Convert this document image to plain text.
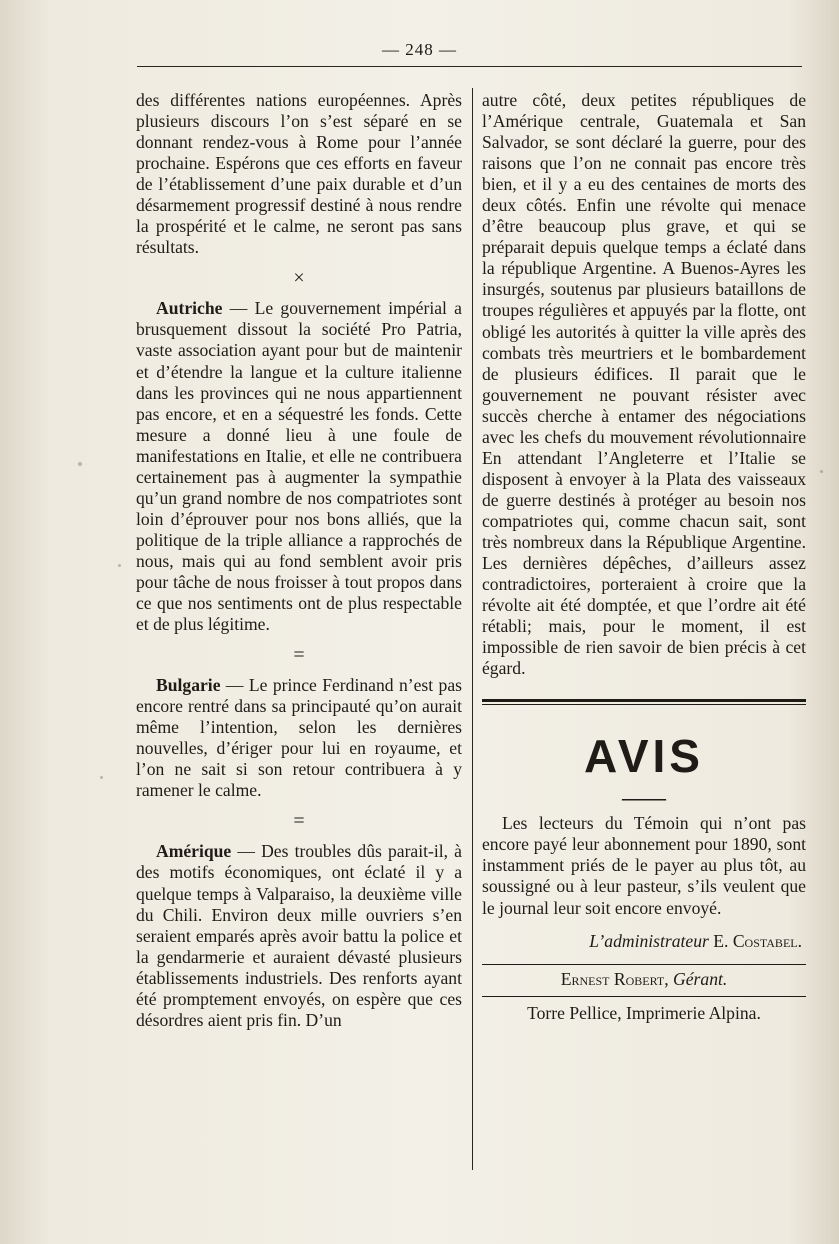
— 248 —

des différentes nations européennes. Après plusieurs discours l’on s’est séparé en se donnant rendez-vous à Rome pour l’année prochaine. Espérons que ces efforts en faveur de l’établissement d’une paix durable et d’un désarmement progressif destiné à nous rendre la prospérité et le calme, ne seront pas sans résultats.

×

Autriche — Le gouvernement impérial a brusquement dissout la société Pro Patria, vaste association ayant pour but de maintenir et d’étendre la langue et la culture italienne dans les provinces qui ne nous appartiennent pas encore, et en a séquestré les fonds. Cette mesure a donné lieu à une foule de manifestations en Italie, et elle ne contribuera certainement pas à augmenter la sympathie qu’un grand nombre de nos compatriotes sont loin d’éprouver pour nos bons alliés, que la politique de la triple alliance a rapprochés de nous, mais qui au fond semblent avoir pris pour tâche de nous froisser à tout propos dans ce que nos sentiments ont de plus respectable et de plus légitime.

=

Bulgarie — Le prince Ferdinand n’est pas encore rentré dans sa principauté qu’on aurait même l’intention, selon les dernières nouvelles, d’ériger pour lui en royaume, et l’on ne sait si son retour contribuera à y ramener le calme.

=

Amérique — Des troubles dûs parait-il, à des motifs économiques, ont éclaté il y a quelque temps à Valparaiso, la deuxième ville du Chili. Environ deux mille ouvriers s’en seraient emparés après avoir battu la police et la gendarmerie et auraient dévasté plusieurs établissements industriels. Des renforts ayant été promptement envoyés, on espère que ces désordres aient pris fin. D’un

autre côté, deux petites républiques de l’Amérique centrale, Guatemala et San Salvador, se sont déclaré la guerre, pour des raisons que l’on ne connait pas encore très bien, et il y a eu des centaines de morts des deux côtés. Enfin une révolte qui menace d’être beaucoup plus grave, et qui se préparait depuis quelque temps a éclaté dans la république Argentine. A Buenos-Ayres les insurgés, soutenus par plusieurs bataillons de troupes régulières et appuyés par la flotte, ont obligé les autorités à quitter la ville après des combats très meurtriers et le bombardement de plusieurs édifices. Il parait que le gouvernement ne pouvant résister avec succès cherche à entamer des négociations avec les chefs du mouvement révolutionnaire En attendant l’Angleterre et l’Italie se disposent à envoyer à la Plata des vaisseaux de guerre destinés à protéger au besoin nos compatriotes qui, comme chacun sait, sont très nombreux dans la République Argentine. Les dernières dépêches, d’ailleurs assez contradictoires, porteraient à croire que la révolte ait été domptée, et que l’ordre ait été rétabli; mais, pour le moment, il est impossible de rien savoir de bien précis à cet égard.

AVIS
——

Les lecteurs du Témoin qui n’ont pas encore payé leur abonnement pour 1890, sont instamment priés de le payer au plus tôt, au soussigné ou à leur pasteur, s’ils veulent que le journal leur soit encore envoyé.

L’administrateur E. Costabel.
Ernest Robert, Gérant.
Torre Pellice, Imprimerie Alpina.
